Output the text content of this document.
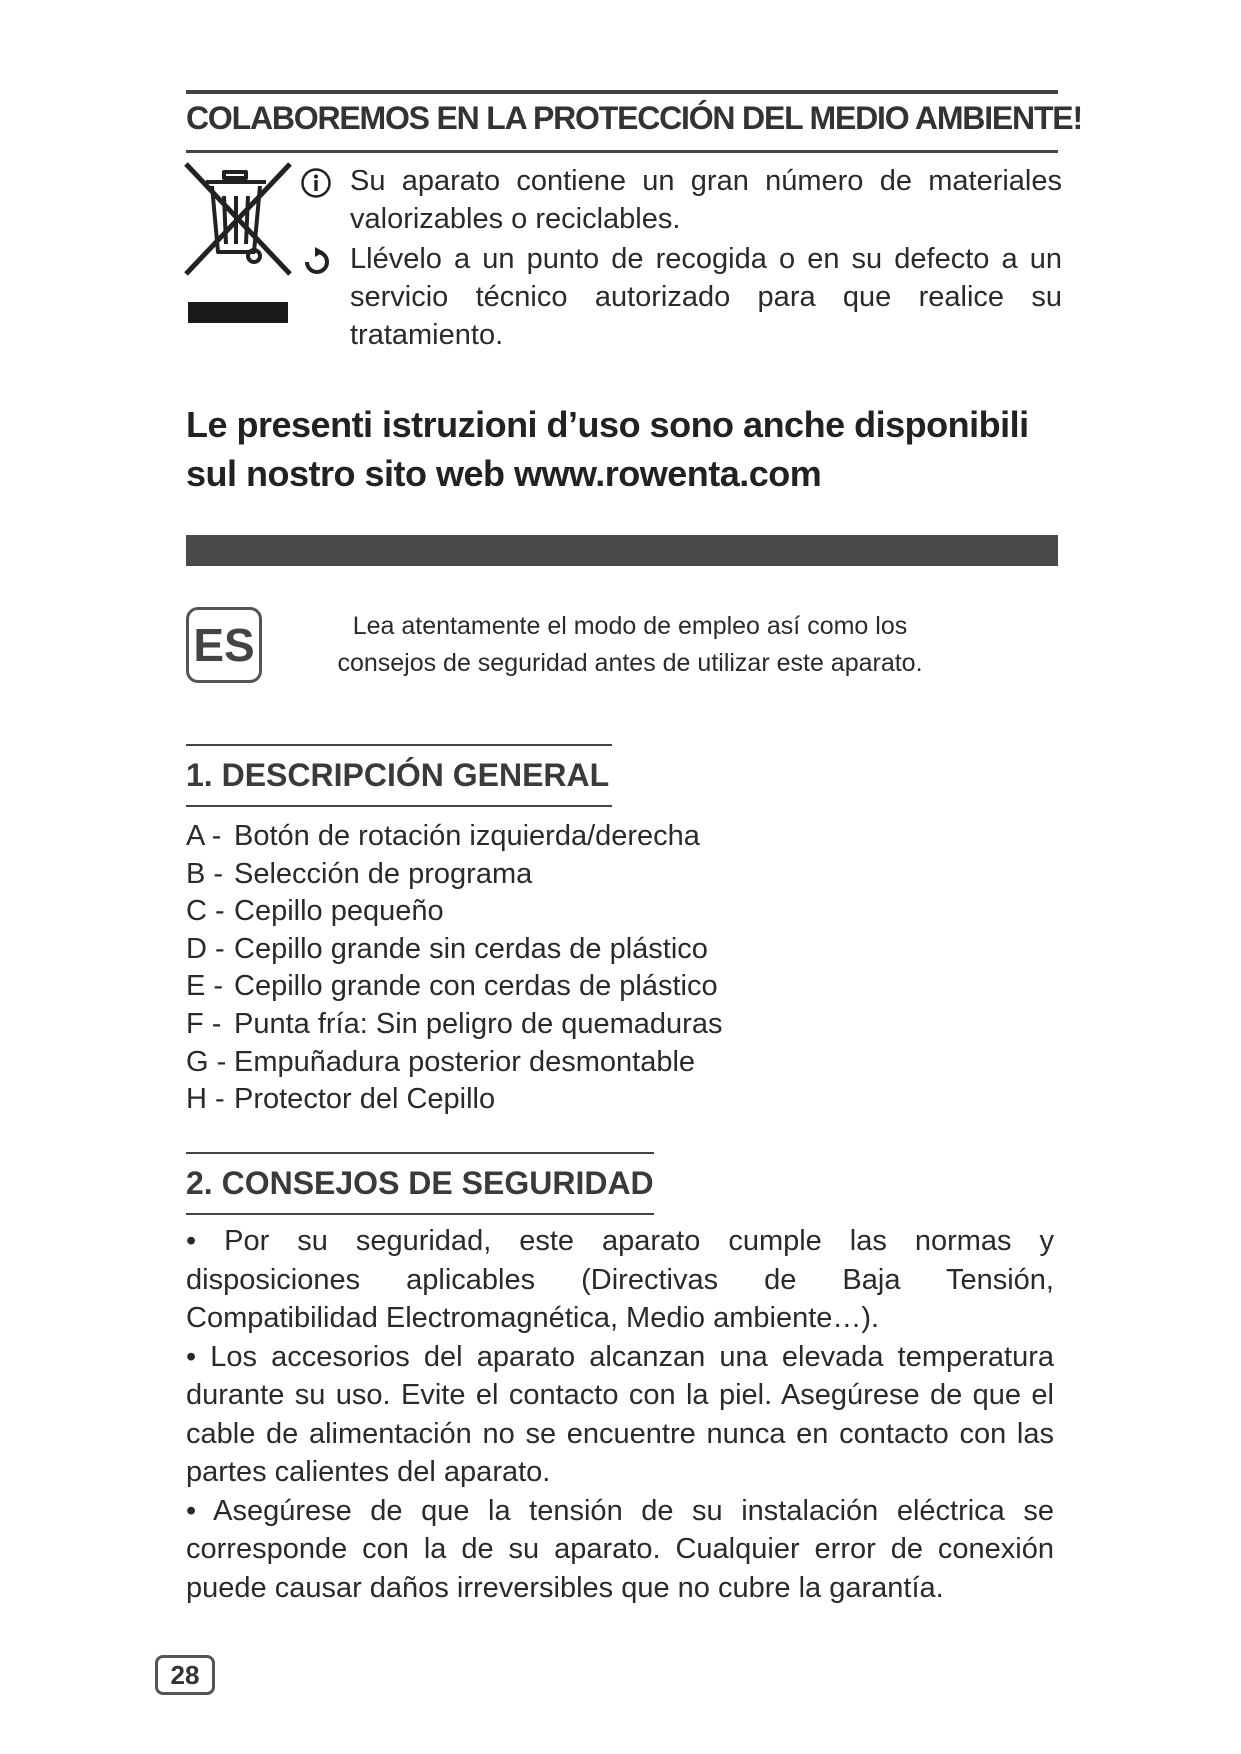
COLABOREMOS EN LA PROTECCIÓN DEL MEDIO AMBIENTE!

Su aparato contiene un gran número de materiales valorizables o reciclables.

Llévelo a un punto de recogida o en su defecto a un servicio técnico autorizado para que realice su tratamiento.

Le presenti istruzioni d’uso sono anche disponibili
sul nostro sito web www.rowenta.com

ES	Lea atentamente el modo de empleo así como los
consejos de seguridad antes de utilizar este aparato.

1. DESCRIPCIÓN GENERAL
A - Botón de rotación izquierda/derecha
B - Selección de programa
C - Cepillo pequeño
D - Cepillo grande sin cerdas de plástico
E - Cepillo grande con cerdas de plástico
F - Punta fría: Sin peligro de quemaduras
G - Empuñadura posterior desmontable
H - Protector del Cepillo
2. CONSEJOS DE SEGURIDAD

• Por su seguridad, este aparato cumple las normas y disposiciones aplicables (Directivas de Baja Tensión, Compatibilidad Electromagnética, Medio ambiente…).

• Los accesorios del aparato alcanzan una elevada temperatura durante su uso. Evite el contacto con la piel. Asegúrese de que el cable de alimentación no se encuentre nunca en contacto con las partes calientes del aparato.

• Asegúrese de que la tensión de su instalación eléctrica se corresponde con la de su aparato. Cualquier error de conexión puede causar daños irreversibles que no cubre la garantía.

28
